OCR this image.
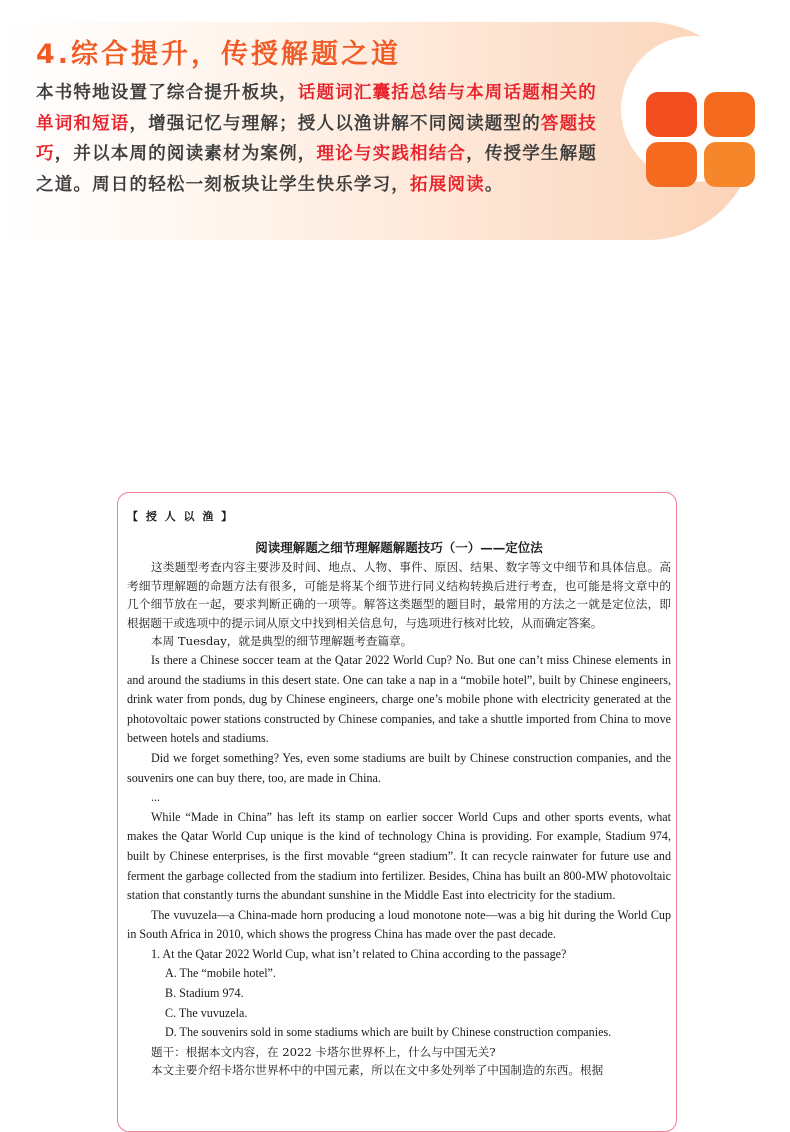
4.综合提升，传授解题之道
本书特地设置了综合提升板块，话题词汇囊括总结与本周话题相关的单词和短语，增强记忆与理解；授人以渔讲解不同阅读题型的答题技巧，并以本周的阅读素材为案例，理论与实践相结合，传授学生解题之道。周日的轻松一刻板块让学生快乐学习，拓展阅读。
【 授 人 以 渔 】
阅读理解题之细节理解题解题技巧（一）——定位法

这类题型考查内容主要涉及时间、地点、人物、事件、原因、结果、数字等文中细节和具体信息。高考细节理解题的命题方法有很多，可能是将某个细节进行同义结构转换后进行考查，也可能是将文章中的几个细节放在一起，要求判断正确的一项等。解答这类题型的题目时，最常用的方法之一就是定位法，即根据题干或选项中的提示词从原文中找到相关信息句，与选项进行核对比较，从而确定答案。

本周 Tuesday，就是典型的细节理解题考查篇章。

Is there a Chinese soccer team at the Qatar 2022 World Cup? No. But one can’t miss Chinese elements in and around the stadiums in this desert state. One can take a nap in a “mobile hotel”, built by Chinese engineers, drink water from ponds, dug by Chinese engineers, charge one’s mobile phone with electricity generated at the photovoltaic power stations constructed by Chinese companies, and take a shuttle imported from China to move between hotels and stadiums.

Did we forget something? Yes, even some stadiums are built by Chinese construction companies, and the souvenirs one can buy there, too, are made in China.

...

While “Made in China” has left its stamp on earlier soccer World Cups and other sports events, what makes the Qatar World Cup unique is the kind of technology China is providing. For example, Stadium 974, built by Chinese enterprises, is the first movable “green stadium”. It can recycle rainwater for future use and ferment the garbage collected from the stadium into fertilizer. Besides, China has built an 800-MW photovoltaic station that constantly turns the abundant sunshine in the Middle East into electricity for the stadium.

The vuvuzela—a China-made horn producing a loud monotone note—was a big hit during the World Cup in South Africa in 2010, which shows the progress China has made over the past decade.

1. At the Qatar 2022 World Cup, what isn’t related to China according to the passage?

A. The “mobile hotel”.

B. Stadium 974.

C. The vuvuzela.

D. The souvenirs sold in some stadiums which are built by Chinese construction companies.

题干：根据本文内容，在 2022 卡塔尔世界杯上，什么与中国无关?

本文主要介绍卡塔尔世界杯中的中国元素，所以在文中多处列举了中国制造的东西。根据
